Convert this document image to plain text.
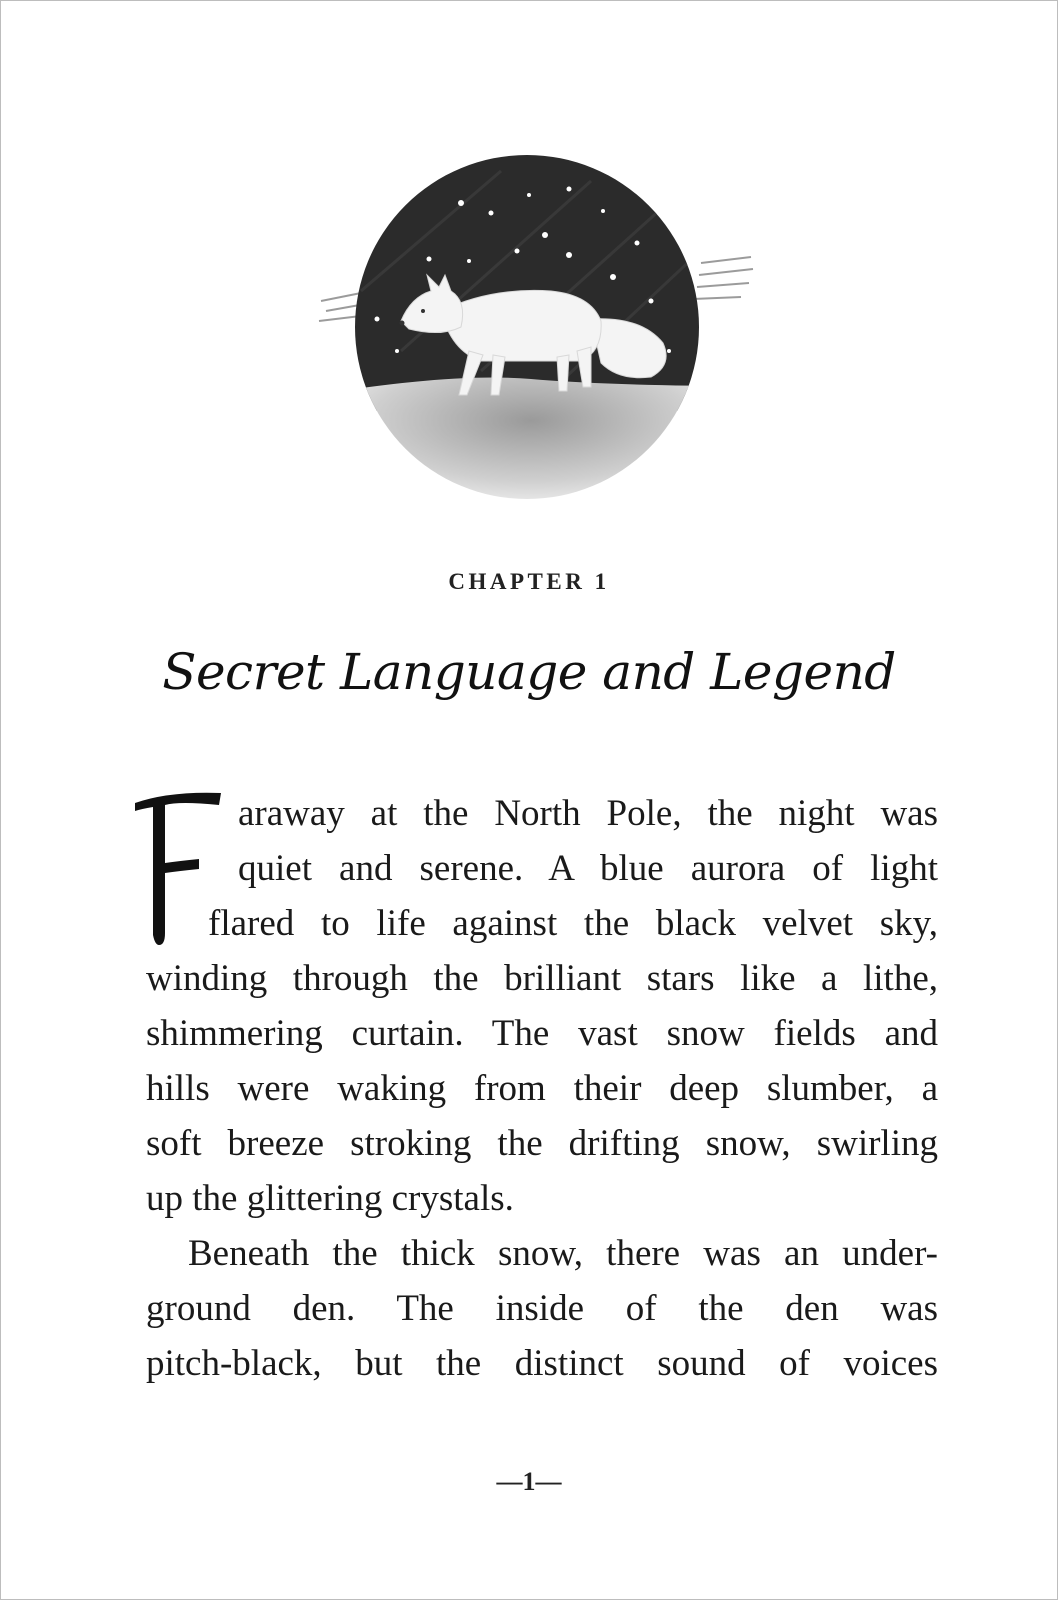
CHAPTER 1
Secret Language and Legend
araway at the North Pole, the night was
quiet and serene. A blue aurora of light
flared to life against the black velvet sky,
winding through the brilliant stars like a lithe,
shimmering curtain. The vast snow fields and
hills were waking from their deep slumber, a
soft breeze stroking the drifting snow, swirling
up the glittering crystals.
Beneath the thick snow, there was an under-
ground den. The inside of the den was
pitch-black, but the distinct sound of voices
—1—
